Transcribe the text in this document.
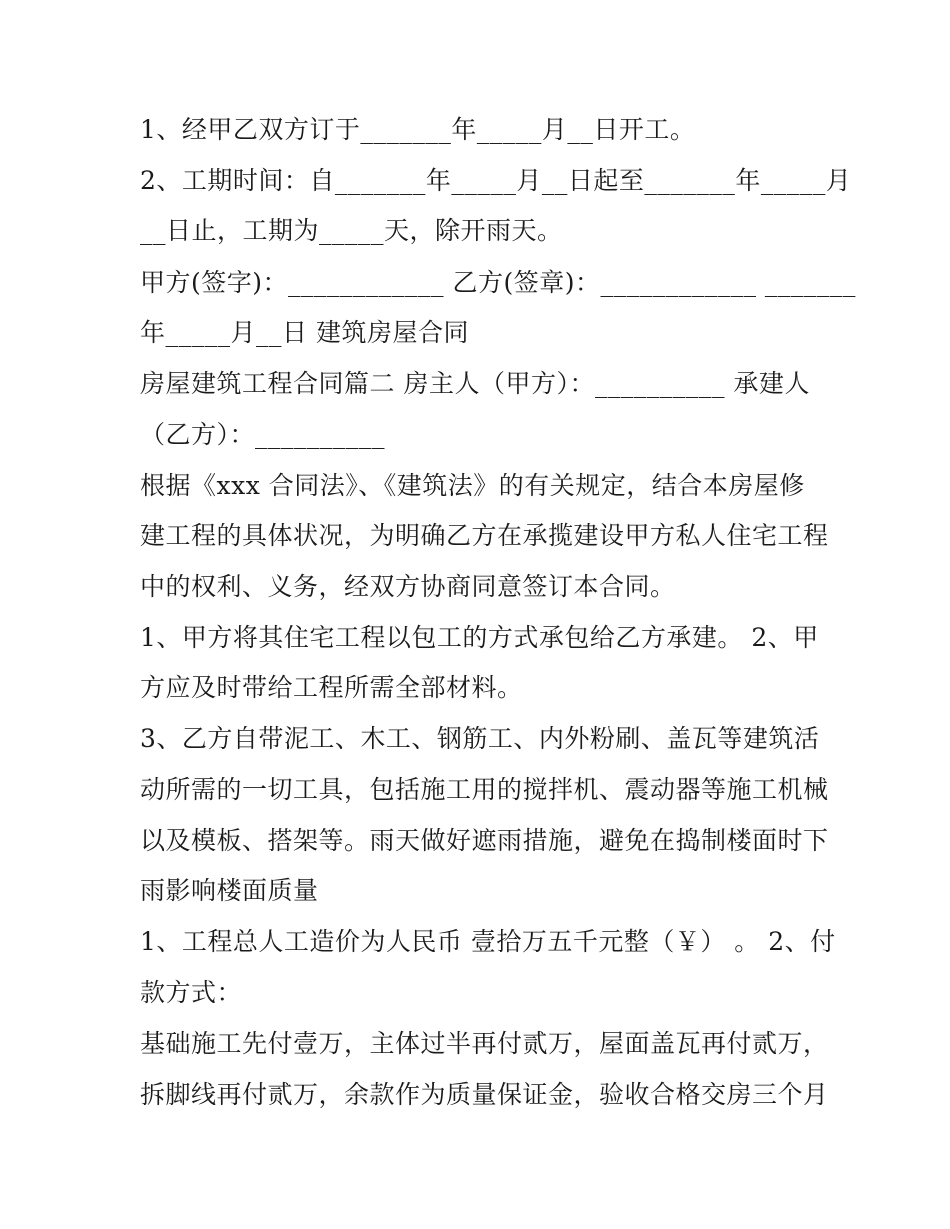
1、经甲乙双方订于_______年_____月__日开工。
2、工期时间：自_______年_____月__日起至_______年_____月
__日止，工期为_____天，除开雨天。
甲方(签字)：____________ 乙方(签章)：____________ _______
年_____月__日 建筑房屋合同
房屋建筑工程合同篇二 房主人（甲方）：__________ 承建人
（乙方）：__________
根据《xxx 合同法》、《建筑法》的有关规定，结合本房屋修
建工程的具体状况，为明确乙方在承揽建设甲方私人住宅工程
中的权利、义务，经双方协商同意签订本合同。
1、甲方将其住宅工程以包工的方式承包给乙方承建。 2、甲
方应及时带给工程所需全部材料。
3、乙方自带泥工、木工、钢筋工、内外粉刷、盖瓦等建筑活
动所需的一切工具，包括施工用的搅拌机、震动器等施工机械
以及模板、搭架等。雨天做好遮雨措施，避免在捣制楼面时下
雨影响楼面质量
1、工程总人工造价为人民币 壹拾万五千元整（￥） 。 2、付
款方式：
基础施工先付壹万，主体过半再付贰万，屋面盖瓦再付贰万，
拆脚线再付贰万，余款作为质量保证金，验收合格交房三个月
